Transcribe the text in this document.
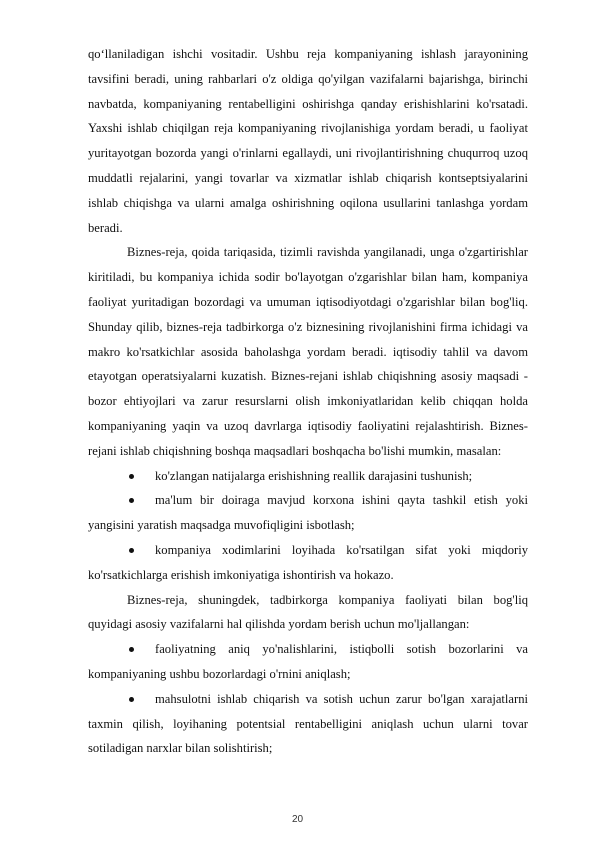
qo‘llaniladigan ishchi vositadir. Ushbu reja kompaniyaning ishlash jarayonining tavsifini beradi, uning rahbarlari o'z oldiga qo'yilgan vazifalarni bajarishga, birinchi navbatda, kompaniyaning rentabelligini oshirishga qanday erishishlarini ko'rsatadi. Yaxshi ishlab chiqilgan reja kompaniyaning rivojlanishiga yordam beradi, u faoliyat yuritayotgan bozorda yangi o'rinlarni egallaydi, uni rivojlantirishning chuqurroq uzoq muddatli rejalarini, yangi tovarlar va xizmatlar ishlab chiqarish kontseptsiyalarini ishlab chiqishga va ularni amalga oshirishning oqilona usullarini tanlashga yordam beradi.

Biznes-reja, qoida tariqasida, tizimli ravishda yangilanadi, unga o'zgartirishlar kiritiladi, bu kompaniya ichida sodir bo'layotgan o'zgarishlar bilan ham, kompaniya faoliyat yuritadigan bozordagi va umuman iqtisodiyotdagi o'zgarishlar bilan bog'liq. Shunday qilib, biznes-reja tadbirkorga o'z biznesining rivojlanishini firma ichidagi va makro ko'rsatkichlar asosida baholashga yordam beradi. iqtisodiy tahlil va davom etayotgan operatsiyalarni kuzatish. Biznes-rejani ishlab chiqishning asosiy maqsadi - bozor ehtiyojlari va zarur resurslarni olish imkoniyatlaridan kelib chiqqan holda kompaniyaning yaqin va uzoq davrlarga iqtisodiy faoliyatini rejalashtirish. Biznes-rejani ishlab chiqishning boshqa maqsadlari boshqacha bo'lishi mumkin, masalan:

ko'zlangan natijalarga erishishning reallik darajasini tushunish;

ma'lum bir doiraga mavjud korxona ishini qayta tashkil etish yoki yangisini yaratish maqsadga muvofiqligini isbotlash;

kompaniya xodimlarini loyihada ko'rsatilgan sifat yoki miqdoriy ko'rsatkichlarga erishish imkoniyatiga ishontirish va hokazo.

Biznes-reja, shuningdek, tadbirkorga kompaniya faoliyati bilan bog'liq quyidagi asosiy vazifalarni hal qilishda yordam berish uchun mo'ljallangan:

faoliyatning aniq yo'nalishlarini, istiqbolli sotish bozorlarini va kompaniyaning ushbu bozorlardagi o'rnini aniqlash;

mahsulotni ishlab chiqarish va sotish uchun zarur bo'lgan xarajatlarni taxmin qilish, loyihaning potentsial rentabelligini aniqlash uchun ularni tovar sotiladigan narxlar bilan solishtirish;

20
